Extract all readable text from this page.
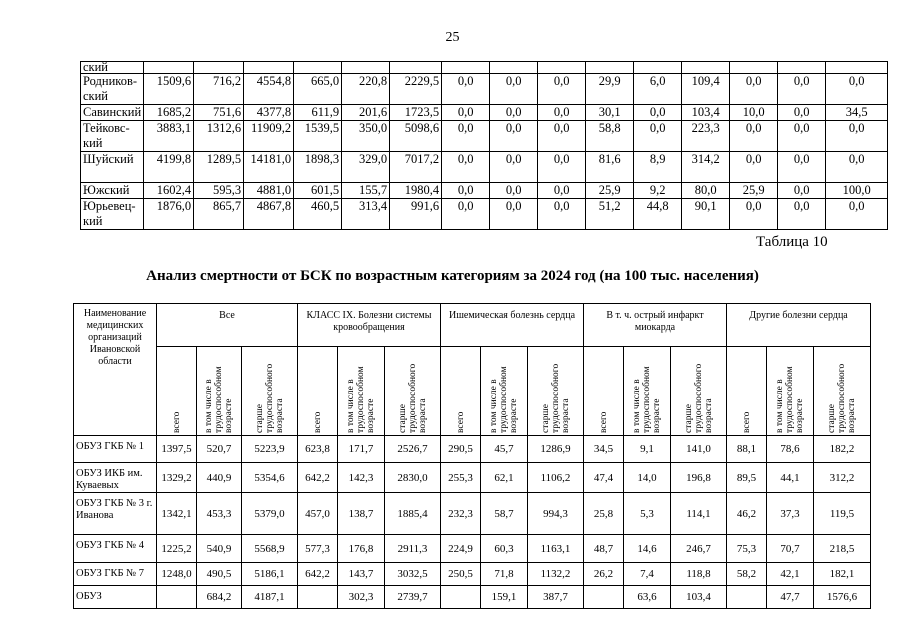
25
ский															
Родников-ский	1509,6	716,2	4554,8	665,0	220,8	2229,5	0,0	0,0	0,0	29,9	6,0	109,4	0,0	0,0	0,0
Савинский	1685,2	751,6	4377,8	611,9	201,6	1723,5	0,0	0,0	0,0	30,1	0,0	103,4	10,0	0,0	34,5
Тейковс-кий	3883,1	1312,6	11909,2	1539,5	350,0	5098,6	0,0	0,0	0,0	58,8	0,0	223,3	0,0	0,0	0,0
Шуйский	4199,8	1289,5	14181,0	1898,3	329,0	7017,2	0,0	0,0	0,0	81,6	8,9	314,2	0,0	0,0	0,0
Южский	1602,4	595,3	4881,0	601,5	155,7	1980,4	0,0	0,0	0,0	25,9	9,2	80,0	25,9	0,0	100,0
Юрьевец-кий	1876,0	865,7	4867,8	460,5	313,4	991,6	0,0	0,0	0,0	51,2	44,8	90,1	0,0	0,0	0,0
Таблица 10
Анализ смертности от БСК по возрастным категориям за 2024 год (на 100 тыс. населения)
Наименование медицинских организаций Ивановской области	Все			КЛАСС IX. Болезни системы кровообращения			Ишемическая болезнь сердца			В т. ч. острый инфаркт миокарда			Другие болезни сердца		

	всего	в том числе в трудоспособном возрасте	старше трудоспособного возраста	всего	в том числе в трудоспособном возрасте	старше трудоспособного возраста	всего	в том числе в трудоспособном возрасте	старше трудоспособного возраста	всего	в том числе в трудоспособном возрасте	старше трудоспособного возраста	всего	в том числе в трудоспособном возрасте	старше трудоспособного возраста

ОБУЗ ГКБ № 1	1397,5	520,7	5223,9	623,8	171,7	2526,7	290,5	45,7	1286,9	34,5	9,1	141,0	88,1	78,6	182,2
ОБУЗ ИКБ им. Куваевых	1329,2	440,9	5354,6	642,2	142,3	2830,0	255,3	62,1	1106,2	47,4	14,0	196,8	89,5	44,1	312,2
ОБУЗ ГКБ № 3 г. Иванова	1342,1	453,3	5379,0	457,0	138,7	1885,4	232,3	58,7	994,3	25,8	5,3	114,1	46,2	37,3	119,5
ОБУЗ ГКБ № 4	1225,2	540,9	5568,9	577,3	176,8	2911,3	224,9	60,3	1163,1	48,7	14,6	246,7	75,3	70,7	218,5
ОБУЗ ГКБ № 7	1248,0	490,5	5186,1	642,2	143,7	3032,5	250,5	71,8	1132,2	26,2	7,4	118,8	58,2	42,1	182,1
ОБУЗ		684,2	4187,1		302,3	2739,7		159,1	387,7		63,6	103,4		47,7	1576,6
